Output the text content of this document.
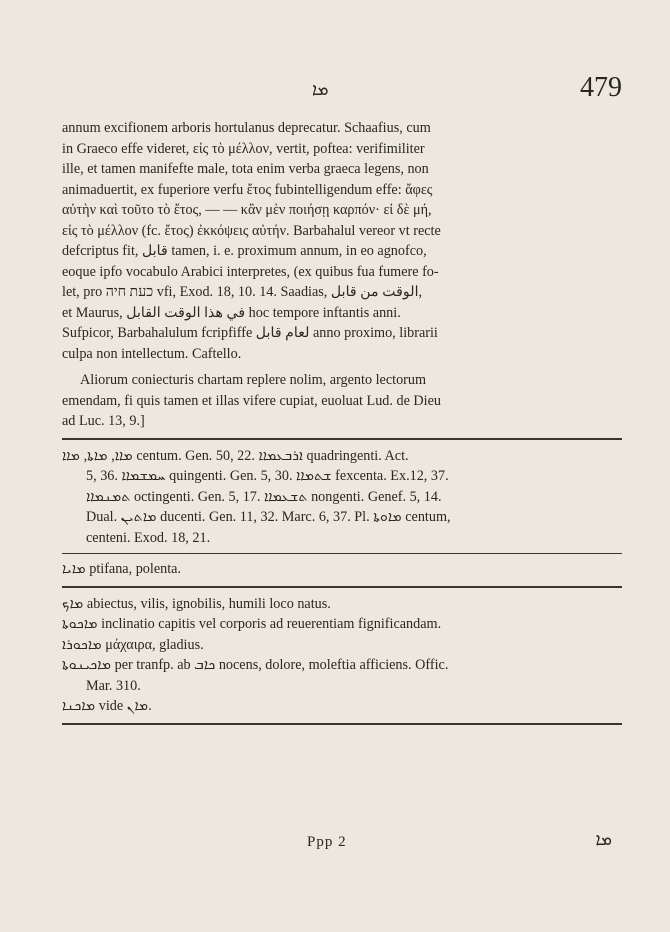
ܡܐ	479
annum excifionem arboris hortulanus deprecatur. Schaafius, cum
in Graeco effe videret, εἰς τὸ μέλλον, vertit, poftea: verifimiliter
ille, et tamen manifefte male, tota enim verba graeca legens, non
animaduertit, ex fuperiore verfu ἔτος fubintelligendum effe: ἄφες
αὐτὴν καὶ τοῦτο τὸ ἔτος, — — κἂν μὲν ποιήσῃ καρπόν· εἰ δὲ μή,
εἰς τὸ μέλλον (fc. ἔτος) ἐκκόψεις αὐτήν. Barbahalul vereor vt recte
defcriptus fit, قابل tamen, i. e. proximum annum, in eo agnofco,
eoque ipfo vocabulo Arabici interpretes, (ex quibus fua fumere fo-
let, pro כעת חיה vfi, Exod. 18, 10. 14. Saadias, الوقت من قابل,
et Maurus, في هذا الوقت القابل hoc tempore inftantis anni.
Sufpicor, Barbahalulum fcripfiffe لعام قابل anno proximo, librarii
culpa non intellectum. Caftello.
Aliorum coniecturis chartam replere nolim, argento lectorum
emendam, fi quis tamen et illas vifere cupiat, euoluat Lud. de Dieu
ad Luc. 13, 9.]
ܡܐܐ, ܡܐܬܐ, ܡܐܐ centum. Gen. 50, 22. ܐܪܒܥܡܐܐ quadringenti. Act.
5, 36. ܚܡܫܡܐܐ quingenti. Gen. 5, 30. ܫܬܡܐܐ fexcenta. Ex.12, 37.
ܬܡܢܡܐܐ octingenti. Gen. 5, 17. ܬܫܥܡܐܐ nongenti. Genef. 5, 14.
Dual. ܡܐܬܝܢ ducenti. Gen. 11, 32. Marc. 6, 37. Pl. ܡܐܘܬܐ centum,
centeni. Exod. 18, 21.
ܡܐܝܐ ptifana, polenta.
ܡܐܟ abiectus, vilis, ignobilis, humili loco natus.
ܡܐܟܘܬܐ inclinatio capitis vel corporis ad reuerentiam fignificandam.
ܡܐܟܘܪܐ μάχαιρα, gladius.
ܡܐܟܝܢܘܬܐ per tranfp. ab ܟܐܒ nocens, dolore, moleftia afficiens. Offic.
Mar. 310.
ܡܐܟܢܐ vide ܡܐܢ.
Ppp 2	ܡܐ
